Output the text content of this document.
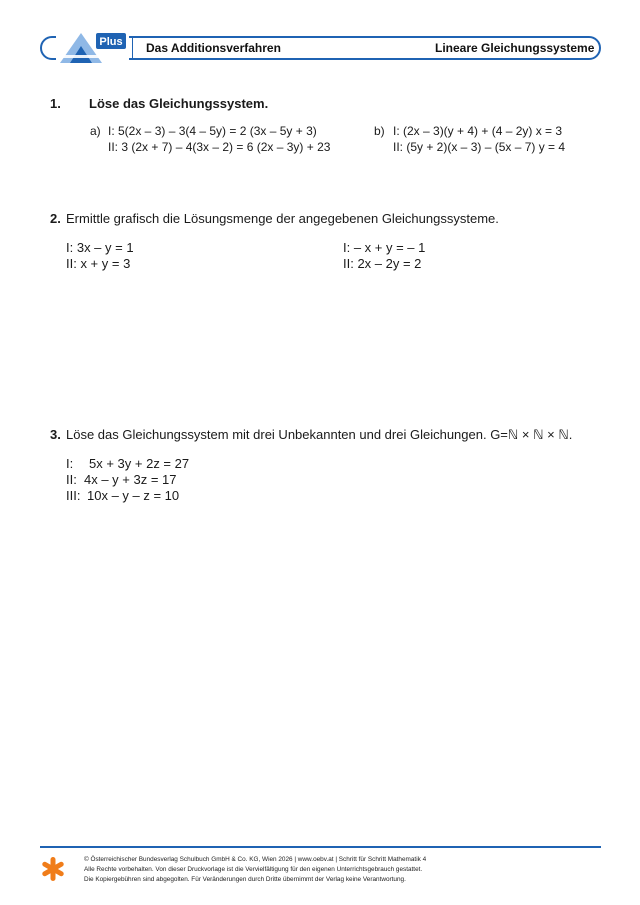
Plus Das Additionsverfahren	Lineare Gleichungssysteme
1. Löse das Gleichungssystem.
a) I: 5(2x – 3) – 3(4 – 5y) = 2 (3x – 5y + 3)
II: 3 (2x + 7) – 4(3x – 2) = 6 (2x – 3y) + 23
b) I: (2x – 3)(y + 4) + (4 – 2y) x = 3
II: (5y + 2)(x – 3) – (5x – 7) y = 4
2. Ermittle grafisch die Lösungsmenge der angegebenen Gleichungssysteme.
I: 3x – y = 1
II: x + y = 3
I: – x + y = – 1
II: 2x – 2y = 2
3. Löse das Gleichungssystem mit drei Unbekannten und drei Gleichungen. G=ℕ × ℕ × ℕ.
I: 5x + 3y + 2z = 27
II: 4x – y + 3z = 17
III: 10x – y – z = 10
© Österreichischer Bundesverlag Schulbuch GmbH & Co. KG, Wien 2026 | www.oebv.at | Schritt für Schritt Mathematik 4
Alle Rechte vorbehalten. Von dieser Druckvorlage ist die Vervielfältigung für den eigenen Unterrichtsgebrauch gestattet.
Die Kopiergebühren sind abgegolten. Für Veränderungen durch Dritte übernimmt der Verlag keine Verantwortung.
